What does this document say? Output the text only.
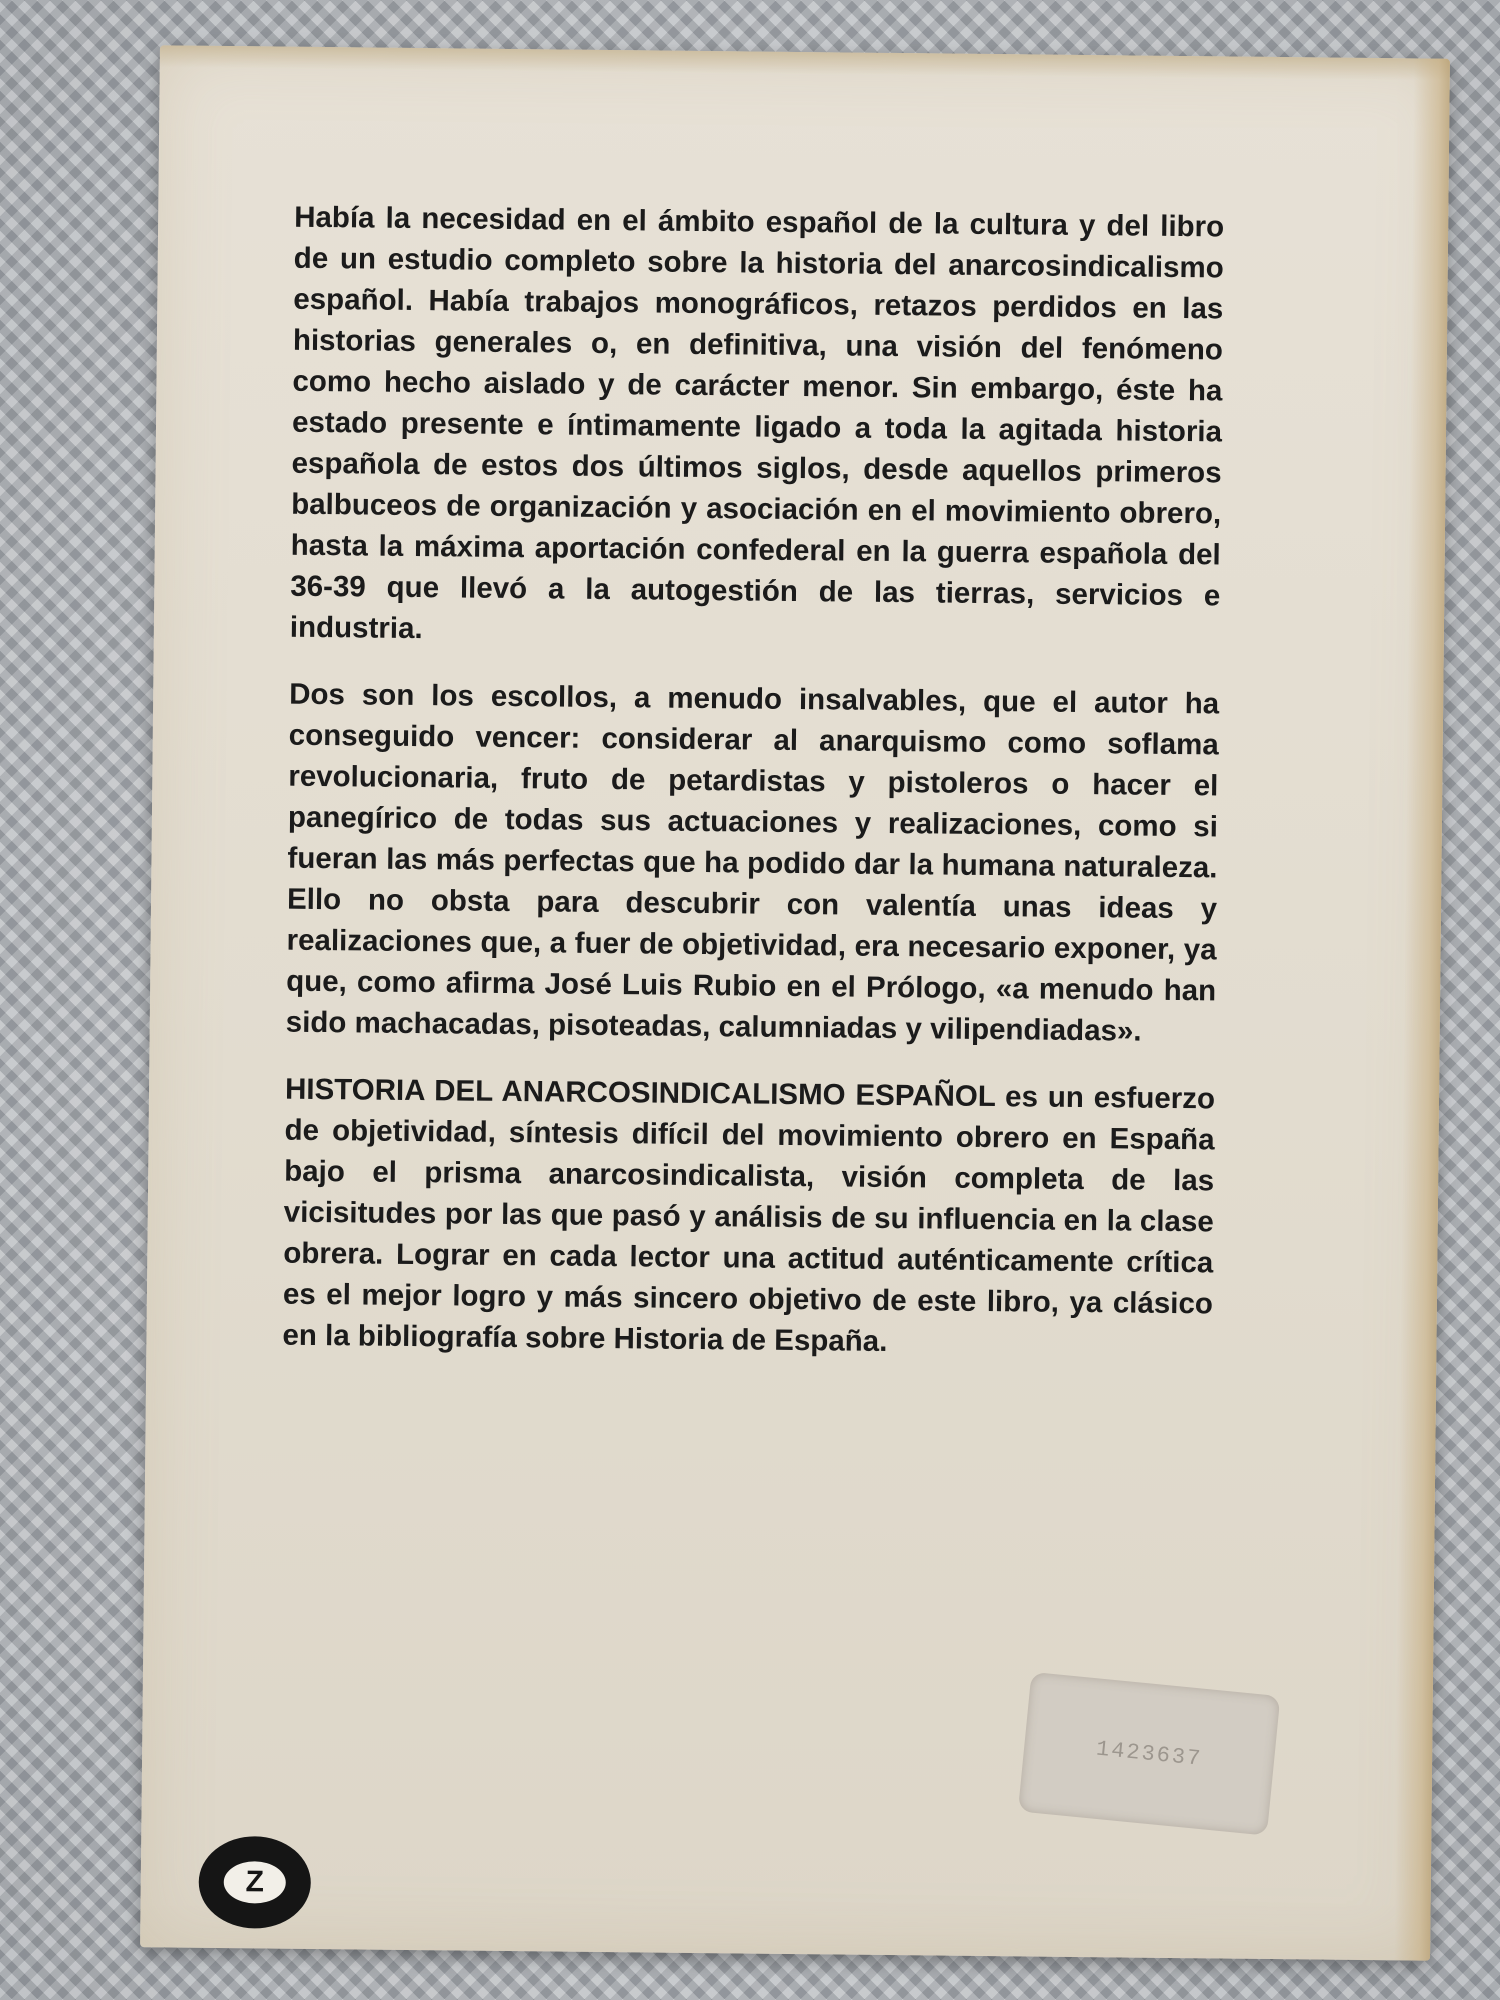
Había la necesidad en el ámbito español de la cultura y del libro de un estudio completo sobre la historia del anarcosindicalismo español. Había trabajos monográficos, retazos perdidos en las historias generales o, en definitiva, una visión del fenómeno como hecho aislado y de carácter menor. Sin embargo, éste ha estado presente e íntimamente ligado a toda la agitada historia española de estos dos últimos siglos, desde aquellos primeros balbuceos de organización y asociación en el movimiento obrero, hasta la máxima aportación confederal en la guerra española del 36-39 que llevó a la autogestión de las tierras, servicios e industria.

Dos son los escollos, a menudo insalvables, que el autor ha conseguido vencer: considerar al anarquismo como soflama revolucionaria, fruto de petardistas y pistoleros o hacer el panegírico de todas sus actuaciones y realizaciones, como si fueran las más perfectas que ha podido dar la humana naturaleza. Ello no obsta para descubrir con valentía unas ideas y realizaciones que, a fuer de objetividad, era necesario exponer, ya que, como afirma José Luis Rubio en el Prólogo, «a menudo han sido machacadas, pisoteadas, calumniadas y vilipendiadas».

HISTORIA DEL ANARCOSINDICALISMO ESPAÑOL es un esfuerzo de objetividad, síntesis difícil del movimiento obrero en España bajo el prisma anarcosindicalista, visión completa de las vicisitudes por las que pasó y análisis de su influencia en la clase obrera. Lograr en cada lector una actitud auténticamente crítica es el mejor logro y más sincero objetivo de este libro, ya clásico en la bibliografía sobre Historia de España.

1423637
Z
